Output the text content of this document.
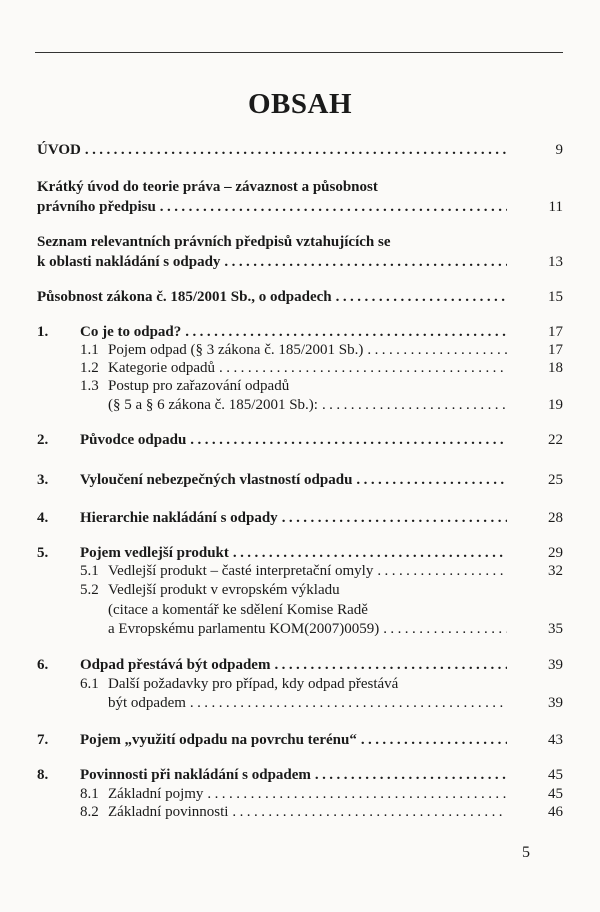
OBSAH
ÚVOD . . .	9
Krátký úvod do teorie práva – závaznost a působnost
právního předpisu . . .	11
Seznam relevantních právních předpisů vztahujících se
k oblasti nakládání s odpady . . .	13
Působnost zákona č. 185/2001 Sb., o odpadech . . .	15
1. Co je to odpad? . . .	17
1.1 Pojem odpad (§ 3 zákona č. 185/2001 Sb.) . . .	17
1.2 Kategorie odpadů . . .	18
1.3 Postup pro zařazování odpadů
(§ 5 a § 6 zákona č. 185/2001 Sb.): . . .	19
2. Původce odpadu . . .	22
3. Vyloučení nebezpečných vlastností odpadu . . .	25
4. Hierarchie nakládání s odpady . . .	28
5. Pojem vedlejší produkt . . .	29
5.1 Vedlejší produkt – časté interpretační omyly . . .	32
5.2 Vedlejší produkt v evropském výkladu
(citace a komentář ke sdělení Komise Radě
a Evropskému parlamentu KOM(2007)0059) . . .	35
6. Odpad přestává být odpadem . . .	39
6.1 Další požadavky pro případ, kdy odpad přestává
být odpadem . . .	39
7. Pojem „využití odpadu na povrchu terénu“ . . .	43
8. Povinnosti při nakládání s odpadem . . .	45
8.1 Základní pojmy . . .	45
8.2 Základní povinnosti . . .	46
5
